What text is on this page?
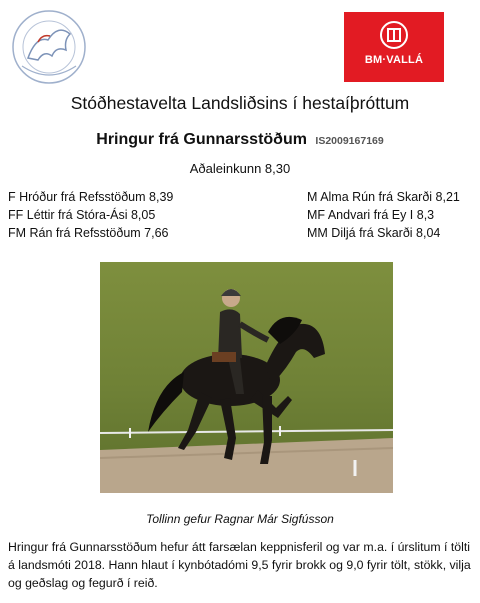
BM·VALLÁ
Stóðhestavelta Landsliðsins í hestaíþróttum
Hringur frá Gunnarsstöðum IS2009167169
Aðaleinkunn 8,30
F Hróður frá Refsstöðum 8,39
FF Léttir frá Stóra-Ási 8,05
FM Rán frá Refsstöðum 7,66
M Alma Rún frá Skarði 8,21
MF Andvari frá Ey I 8,3
MM Diljá frá Skarði 8,04
Tollinn gefur Ragnar Már Sigfússon
Hringur frá Gunnarsstöðum hefur átt farsælan keppnisferil og var m.a. í úrslitum í tölti á landsmóti 2018. Hann hlaut í kynbótadómi 9,5 fyrir brokk og 9,0 fyrir tölt, stökk, vilja og geðslag og fegurð í reið.
